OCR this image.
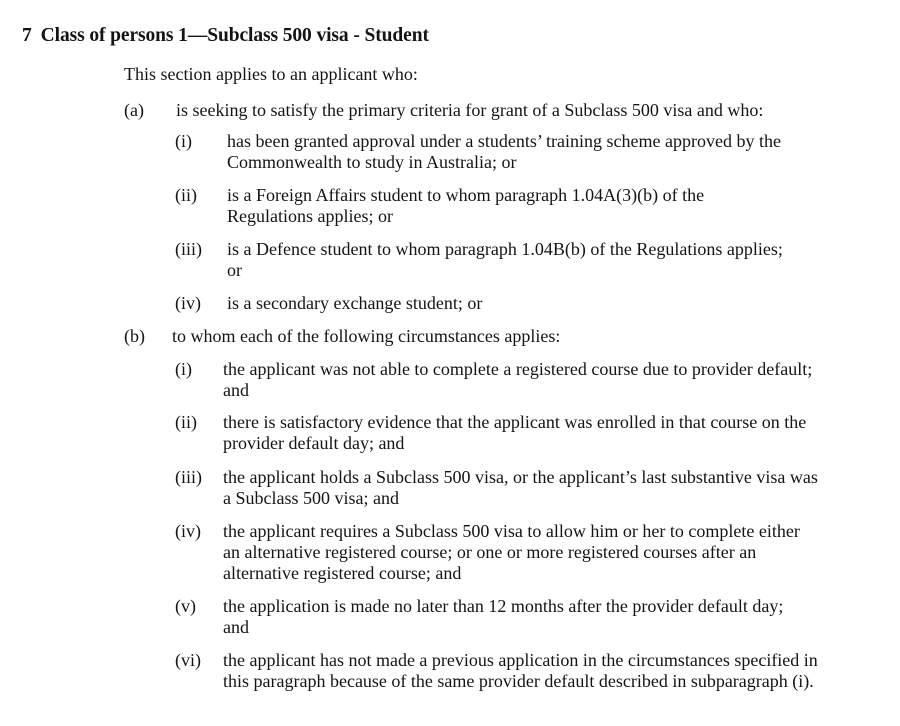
7 Class of persons 1—Subclass 500 visa - Student
This section applies to an applicant who:
(a) is seeking to satisfy the primary criteria for grant of a Subclass 500 visa and who:
(i) has been granted approval under a students’ training scheme approved by the Commonwealth to study in Australia; or
(ii) is a Foreign Affairs student to whom paragraph 1.04A(3)(b) of the Regulations applies; or
(iii) is a Defence student to whom paragraph 1.04B(b) of the Regulations applies; or
(iv) is a secondary exchange student; or
(b) to whom each of the following circumstances applies:
(i) the applicant was not able to complete a registered course due to provider default; and
(ii) there is satisfactory evidence that the applicant was enrolled in that course on the provider default day; and
(iii) the applicant holds a Subclass 500 visa, or the applicant’s last substantive visa was a Subclass 500 visa; and
(iv) the applicant requires a Subclass 500 visa to allow him or her to complete either an alternative registered course; or one or more registered courses after an alternative registered course; and
(v) the application is made no later than 12 months after the provider default day; and
(vi) the applicant has not made a previous application in the circumstances specified in this paragraph because of the same provider default described in subparagraph (i).
